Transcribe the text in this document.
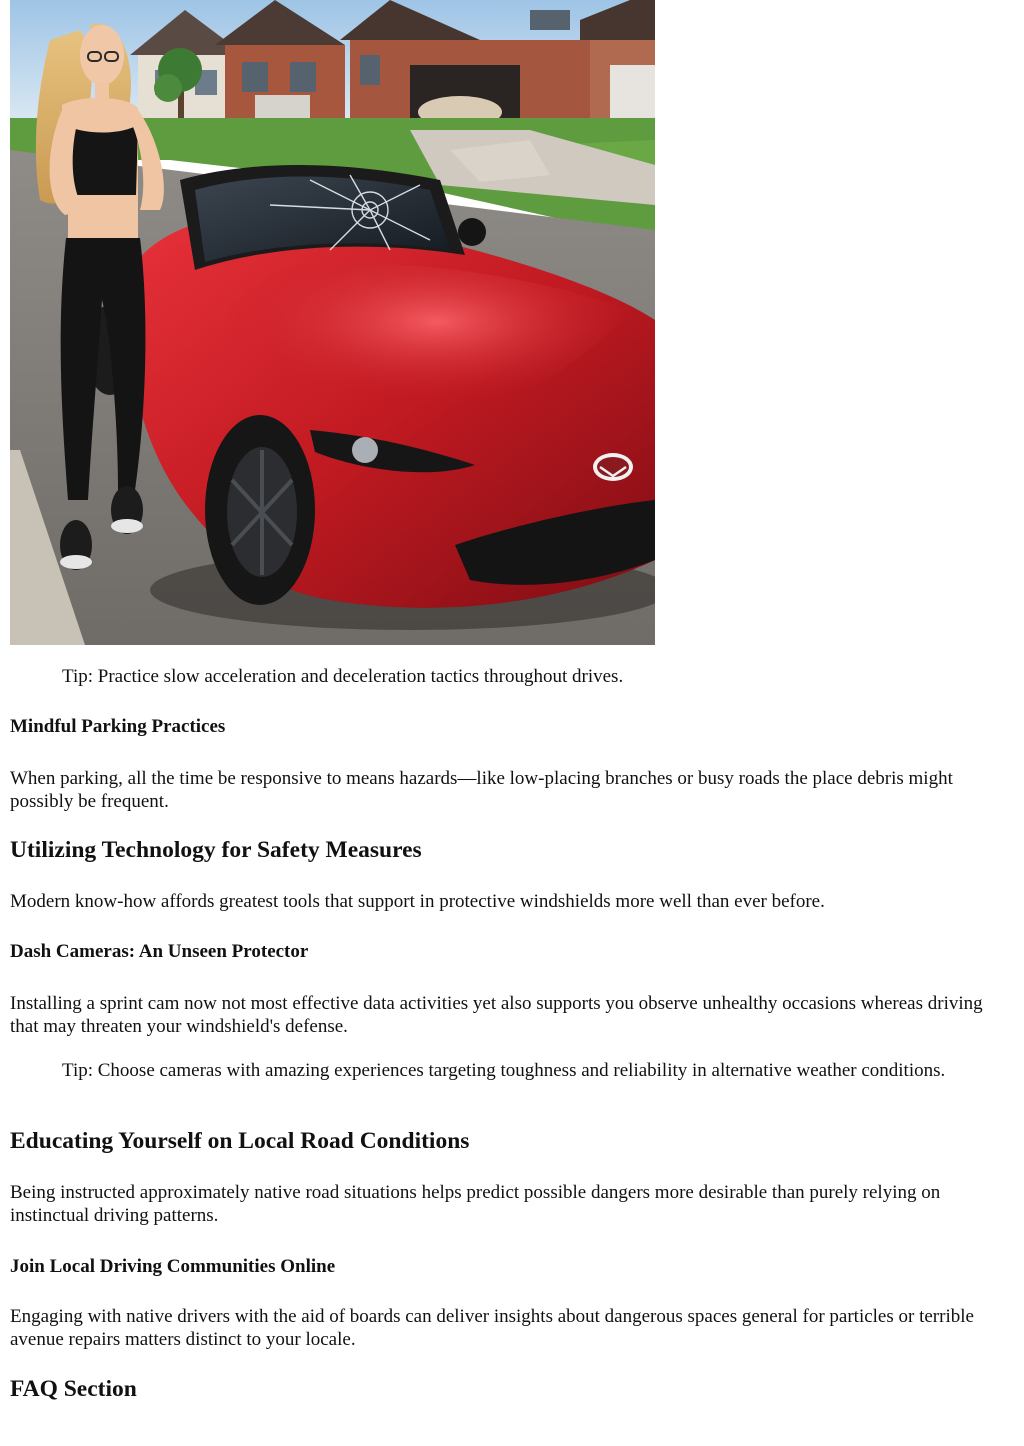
Tip: Practice slow acceleration and deceleration tactics throughout drives.

Mindful Parking Practices

When parking, all the time be responsive to means hazards—like low-placing branches or busy roads the place debris might possibly be frequent.

Utilizing Technology for Safety Measures

Modern know-how affords greatest tools that support in protective windshields more well than ever before.

Dash Cameras: An Unseen Protector

Installing a sprint cam now not most effective data activities yet also supports you observe unhealthy occasions whereas driving that may threaten your windshield's defense.

Tip: Choose cameras with amazing experiences targeting toughness and reliability in alternative weather conditions.

Educating Yourself on Local Road Conditions

Being instructed approximately native road situations helps predict possible dangers more desirable than purely relying on instinctual driving patterns.

Join Local Driving Communities Online

Engaging with native drivers with the aid of boards can deliver insights about dangerous spaces general for particles or terrible avenue repairs matters distinct to your locale.

FAQ Section
